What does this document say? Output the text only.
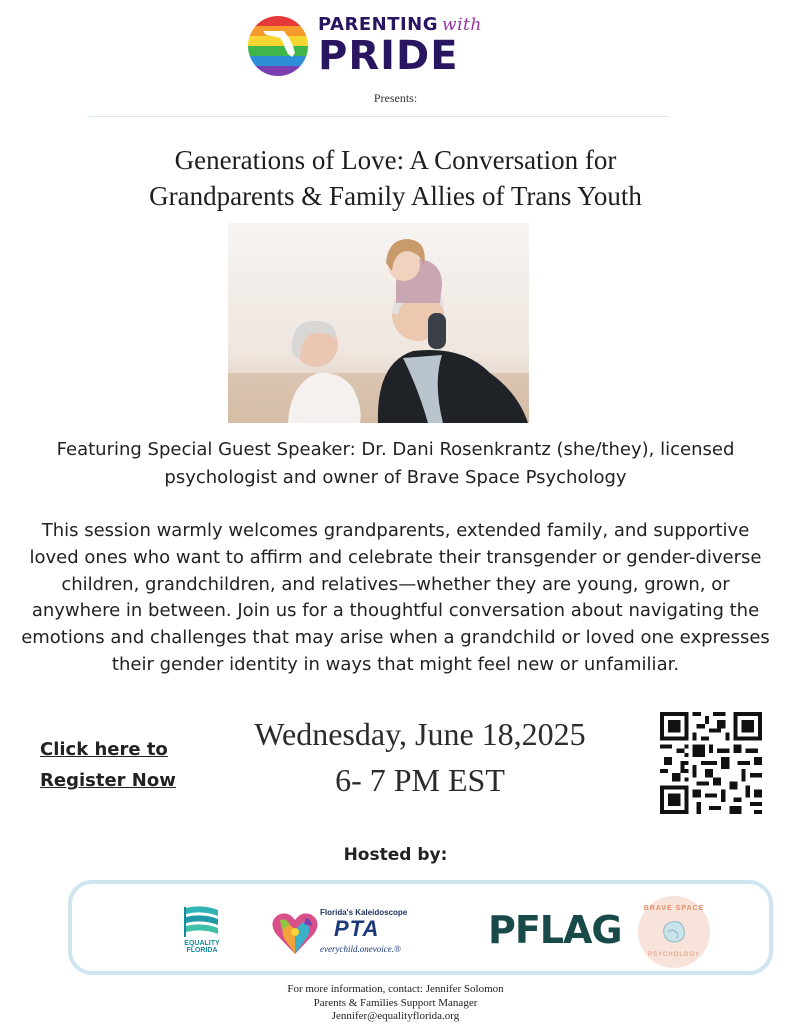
PARENTING with
PRIDE
Presents:
Generations of Love: A Conversation for
Grandparents & Family Allies of Trans Youth
Featuring Special Guest Speaker: Dr. Dani Rosenkrantz (she/they), licensed
psychologist and owner of Brave Space Psychology
This session warmly welcomes grandparents, extended family, and supportive
loved ones who want to affirm and celebrate their transgender or gender-diverse
children, grandchildren, and relatives—whether they are young, grown, or
anywhere in between. Join us for a thoughtful conversation about navigating the
emotions and challenges that may arise when a grandchild or loved one expresses
their gender identity in ways that might feel new or unfamiliar.
Click here to
Register Now
Wednesday, June 18,2025
6- 7 PM EST
Hosted by:
EQUALITY
FLORIDA
Florida's Kaleidoscope
PTA
everychild.onevoice.® PFLAG	BRAVE SPACE
PSYCHOLOGY
For more information, contact: Jennifer Solomon
Parents & Families Support Manager
Jennifer@equalityflorida.org
